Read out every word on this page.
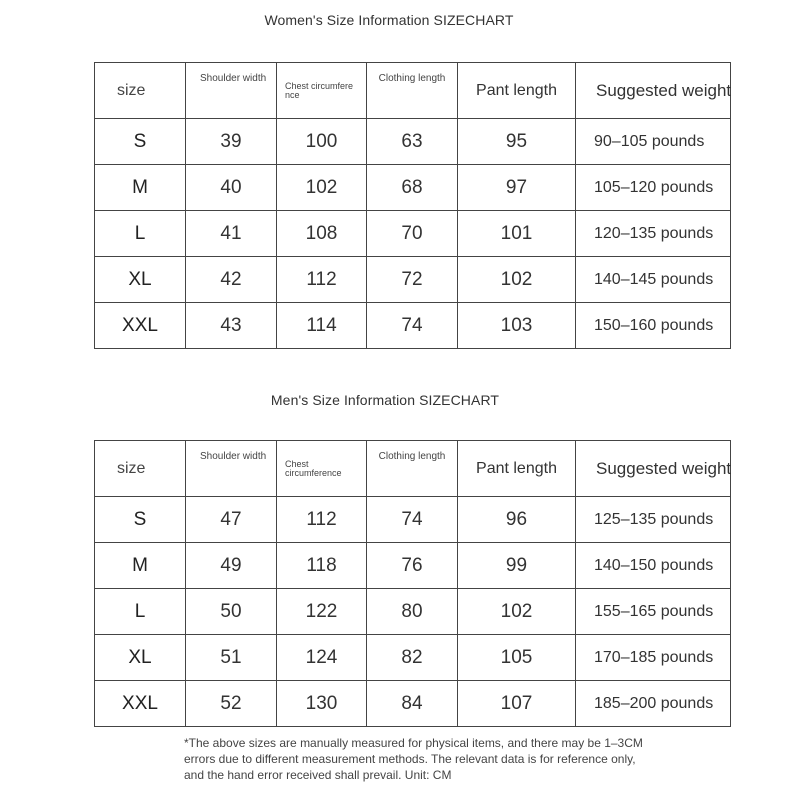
Women's Size Information SIZECHART
size	Shoulder width	Chest circumfere nce	Clothing length	Pant length	Suggested weight
S	39	100	63	95	90–105 pounds
M	40	102	68	97	105–120 pounds
L	41	108	70	101	120–135 pounds
XL	42	112	72	102	140–145 pounds
XXL	43	114	74	103	150–160 pounds
Men's Size Information SIZECHART
size	Shoulder width	Chest circumference	Clothing length	Pant length	Suggested weight
S	47	112	74	96	125–135 pounds
M	49	118	76	99	140–150 pounds
L	50	122	80	102	155–165 pounds
XL	51	124	82	105	170–185 pounds
XXL	52	130	84	107	185–200 pounds
*The above sizes are manually measured for physical items, and there may be 1–3CM errors due to different measurement methods. The relevant data is for reference only, and the hand error received shall prevail. Unit: CM
